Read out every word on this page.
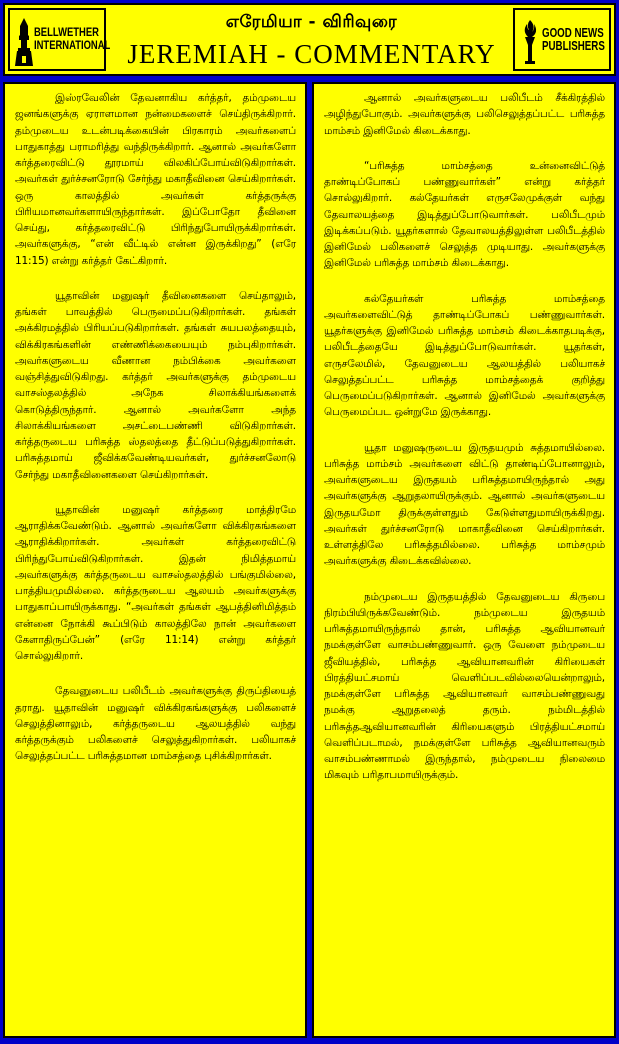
BELLWETHER
INTERNATIONAL
எரேமியா - விரிவுரை
JEREMIAH - COMMENTARY
GOOD NEWS
PUBLISHERS

இஸ்ரவேலின் தேவனாகிய கர்த்தர், தம்முடைய ஜனங்களுக்கு ஏராளமான நன்மைகளைச் செய்திருக்கிறார். தம்முடைய உடன்படிக்கையின் பிரகாரம் அவர்களைப் பாதுகாத்து பராமரித்து வந்திருக்கிறார். ஆனால் அவர்களோ கர்த்தரைவிட்டு தூரமாய் விலகிப்போய்விடுகிறார்கள். அவர்கள் துர்ச்சனரோடு சேர்ந்து மகாதீவினை செய்கிறார்கள். ஒரு காலத்தில் அவர்கள் கர்த்தருக்கு பிரியமானவர்களாயிருந்தார்கள். இப்போதோ தீவினை செய்து, கர்த்தரைவிட்டு பிரிந்துபோயிருக்கிறார்கள். அவர்களுக்கு, “என் வீட்டில் என்ன இருக்கிறது” (எரே 11:15) என்று கர்த்தர் கேட்கிறார்.

யூதாவின் மனுஷர் தீவினைகளை செய்தாலும், தங்கள் பாவத்தில் பெருமைப்படுகிறார்கள். தங்கள் அக்கிரமத்தில் பிரியப்படுகிறார்கள். தங்கள் சுயபலத்தையும், விக்கிரகங்களின் எண்ணிக்கையையும் நம்புகிறார்கள். அவர்களுடைய வீணான நம்பிக்கை அவர்களை வஞ்சித்துவிடுகிறது. கர்த்தர் அவர்களுக்கு தம்முடைய வாசஸ்தலத்தில் அநேக சிலாக்கியங்களைக் கொடுத்திருந்தார். ஆனால் அவர்களோ அந்த சிலாக்கியங்களை அசட்டைபண்ணி விடுகிறார்கள். கர்த்தருடைய பரிசுத்த ஸ்தலத்தை தீட்டுப்படுத்துகிறார்கள். பரிசுத்தமாய் ஜீவிக்கவேண்டியவர்கள், துர்ச்சனலோடு சேர்ந்து மகாதீவினைகளை செய்கிறார்கள்.

யூதாவின் மனுஷர் கர்த்தரை மாத்திரமே ஆராதிக்கவேண்டும். ஆனால் அவர்களோ விக்கிரகங்களை ஆராதிக்கிறார்கள். அவர்கள் கர்த்தரைவிட்டு பிரிந்துபோய்விடுகிறார்கள். இதன் நிமித்தமாய் அவர்களுக்கு கர்த்தருடைய வாசஸ்தலத்தில் பங்குமில்லை, பாத்தியமுமில்லை. கர்த்தருடைய ஆலயம் அவர்களுக்கு பாதுகாப்பாயிருக்காது. “அவர்கள் தங்கள் ஆபத்தினிமித்தம் என்னை நோக்கி கூப்பிடும் காலத்திலே நான் அவர்களை கேளாதிருப்பேன்” (எரே 11:14) என்று கர்த்தர் சொல்லுகிறார்.

தேவனுடைய பலிபீடம் அவர்களுக்கு திருப்தியைத் தராது. யூதாவின் மனுஷர் விக்கிரகங்களுக்கு பலிகளைச் செலுத்தினாலும், கர்த்தருடைய ஆலயத்தில் வந்து கர்த்தருக்கும் பலிகளைச் செலுத்துகிறார்கள். பலியாகச் செலுத்தப்பட்ட பரிசுத்தமான மாம்சத்தை புசிக்கிறார்கள்.

ஆனால் அவர்களுடைய பலிபீடம் சீக்கிரத்தில் அழிந்துபோகும். அவர்களுக்கு பலிசெலுத்தப்பட்ட பரிசுத்த மாம்சம் இனிமேல் கிடைக்காது.

“பரிசுத்த மாம்சத்தை உன்னைவிட்டுத் தாண்டிப்போகப் பண்ணுவார்கள்” என்று கர்த்தர் சொல்லுகிறார். கல்தேயர்கள் எருசலேமுக்குள் வந்து தேவாலயத்தை இடித்துப்போடுவார்கள். பலிபீடமும் இடிக்கப்படும். யூதர்களால் தேவாலயத்திலுள்ள பலிபீடத்தில் இனிமேல் பலிகளைச் செலுத்த முடியாது. அவர்களுக்கு இனிமேல் பரிசுத்த மாம்சம் கிடைக்காது.

கல்தேயர்கள் பரிசுத்த மாம்சத்தை அவர்களைவிட்டுத் தாண்டிப்போகப் பண்ணுவார்கள். யூதர்களுக்கு இனிமேல் பரிசுத்த மாம்சம் கிடைக்காதபடிக்கு, பலிபீடத்தையே இடித்துப்போடுவார்கள். யூதர்கள், எருசலேமில், தேவனுடைய ஆலயத்தில் பலியாகச் செலுத்தப்பட்ட பரிசுத்த மாம்சத்தைக் குறித்து பெருமைப்படுகிறார்கள். ஆனால் இனிமேல் அவர்களுக்கு பெருமைப்பட ஒன்றுமே இருக்காது.

யூதா மனுஷருடைய இருதயமும் சுத்தமாயில்லை. பரிசுத்த மாம்சம் அவர்களை விட்டு தாண்டிப்போனாலும், அவர்களுடைய இருதயம் பரிசுத்தமாயிருந்தால் அது அவர்களுக்கு ஆறுதலாயிருக்கும். ஆனால் அவர்களுடைய இருதயமோ திருக்குள்ளதும் கேடுள்ளதுமாயிருக்கிறது. அவர்கள் துர்ச்சனரோடு மாகாதீவினை செய்கிறார்கள். உள்ளத்திலே பரிசுத்தமில்லை. பரிசுத்த மாம்சமும் அவர்களுக்கு கிடைக்கவில்லை.

நம்முடைய இருதயத்தில் தேவனுடைய கிருபை நிரம்பியிருக்கவேண்டும். நம்முடைய இருதயம் பரிசுத்தமாயிருந்தால் தான், பரிசுத்த ஆவியானவர் நமக்குள்ளே வாசம்பண்ணுவார். ஒரு வேளை நம்முடைய ஜீவியத்தில், பரிசுத்த ஆவியானவரின் கிரியைகள் பிரத்தியட்சமாய் வெளிப்படவில்லையென்றாலும், நமக்குள்ளே பரிசுத்த ஆவியானவர் வாசம்பண்ணுவது நமக்கு ஆறுதலைத் தரும். நம்மிடத்தில் பரிசுத்தஆவியானவரின் கிரியைகளும் பிரத்தியட்சமாய் வெளிப்படாமல், நமக்குள்ளே பரிசுத்த ஆவியானவரும் வாசம்பண்ணாமல் இருந்தால், நம்முடைய நிலைமை மிகவும் பரிதாபமாயிருக்கும்.
